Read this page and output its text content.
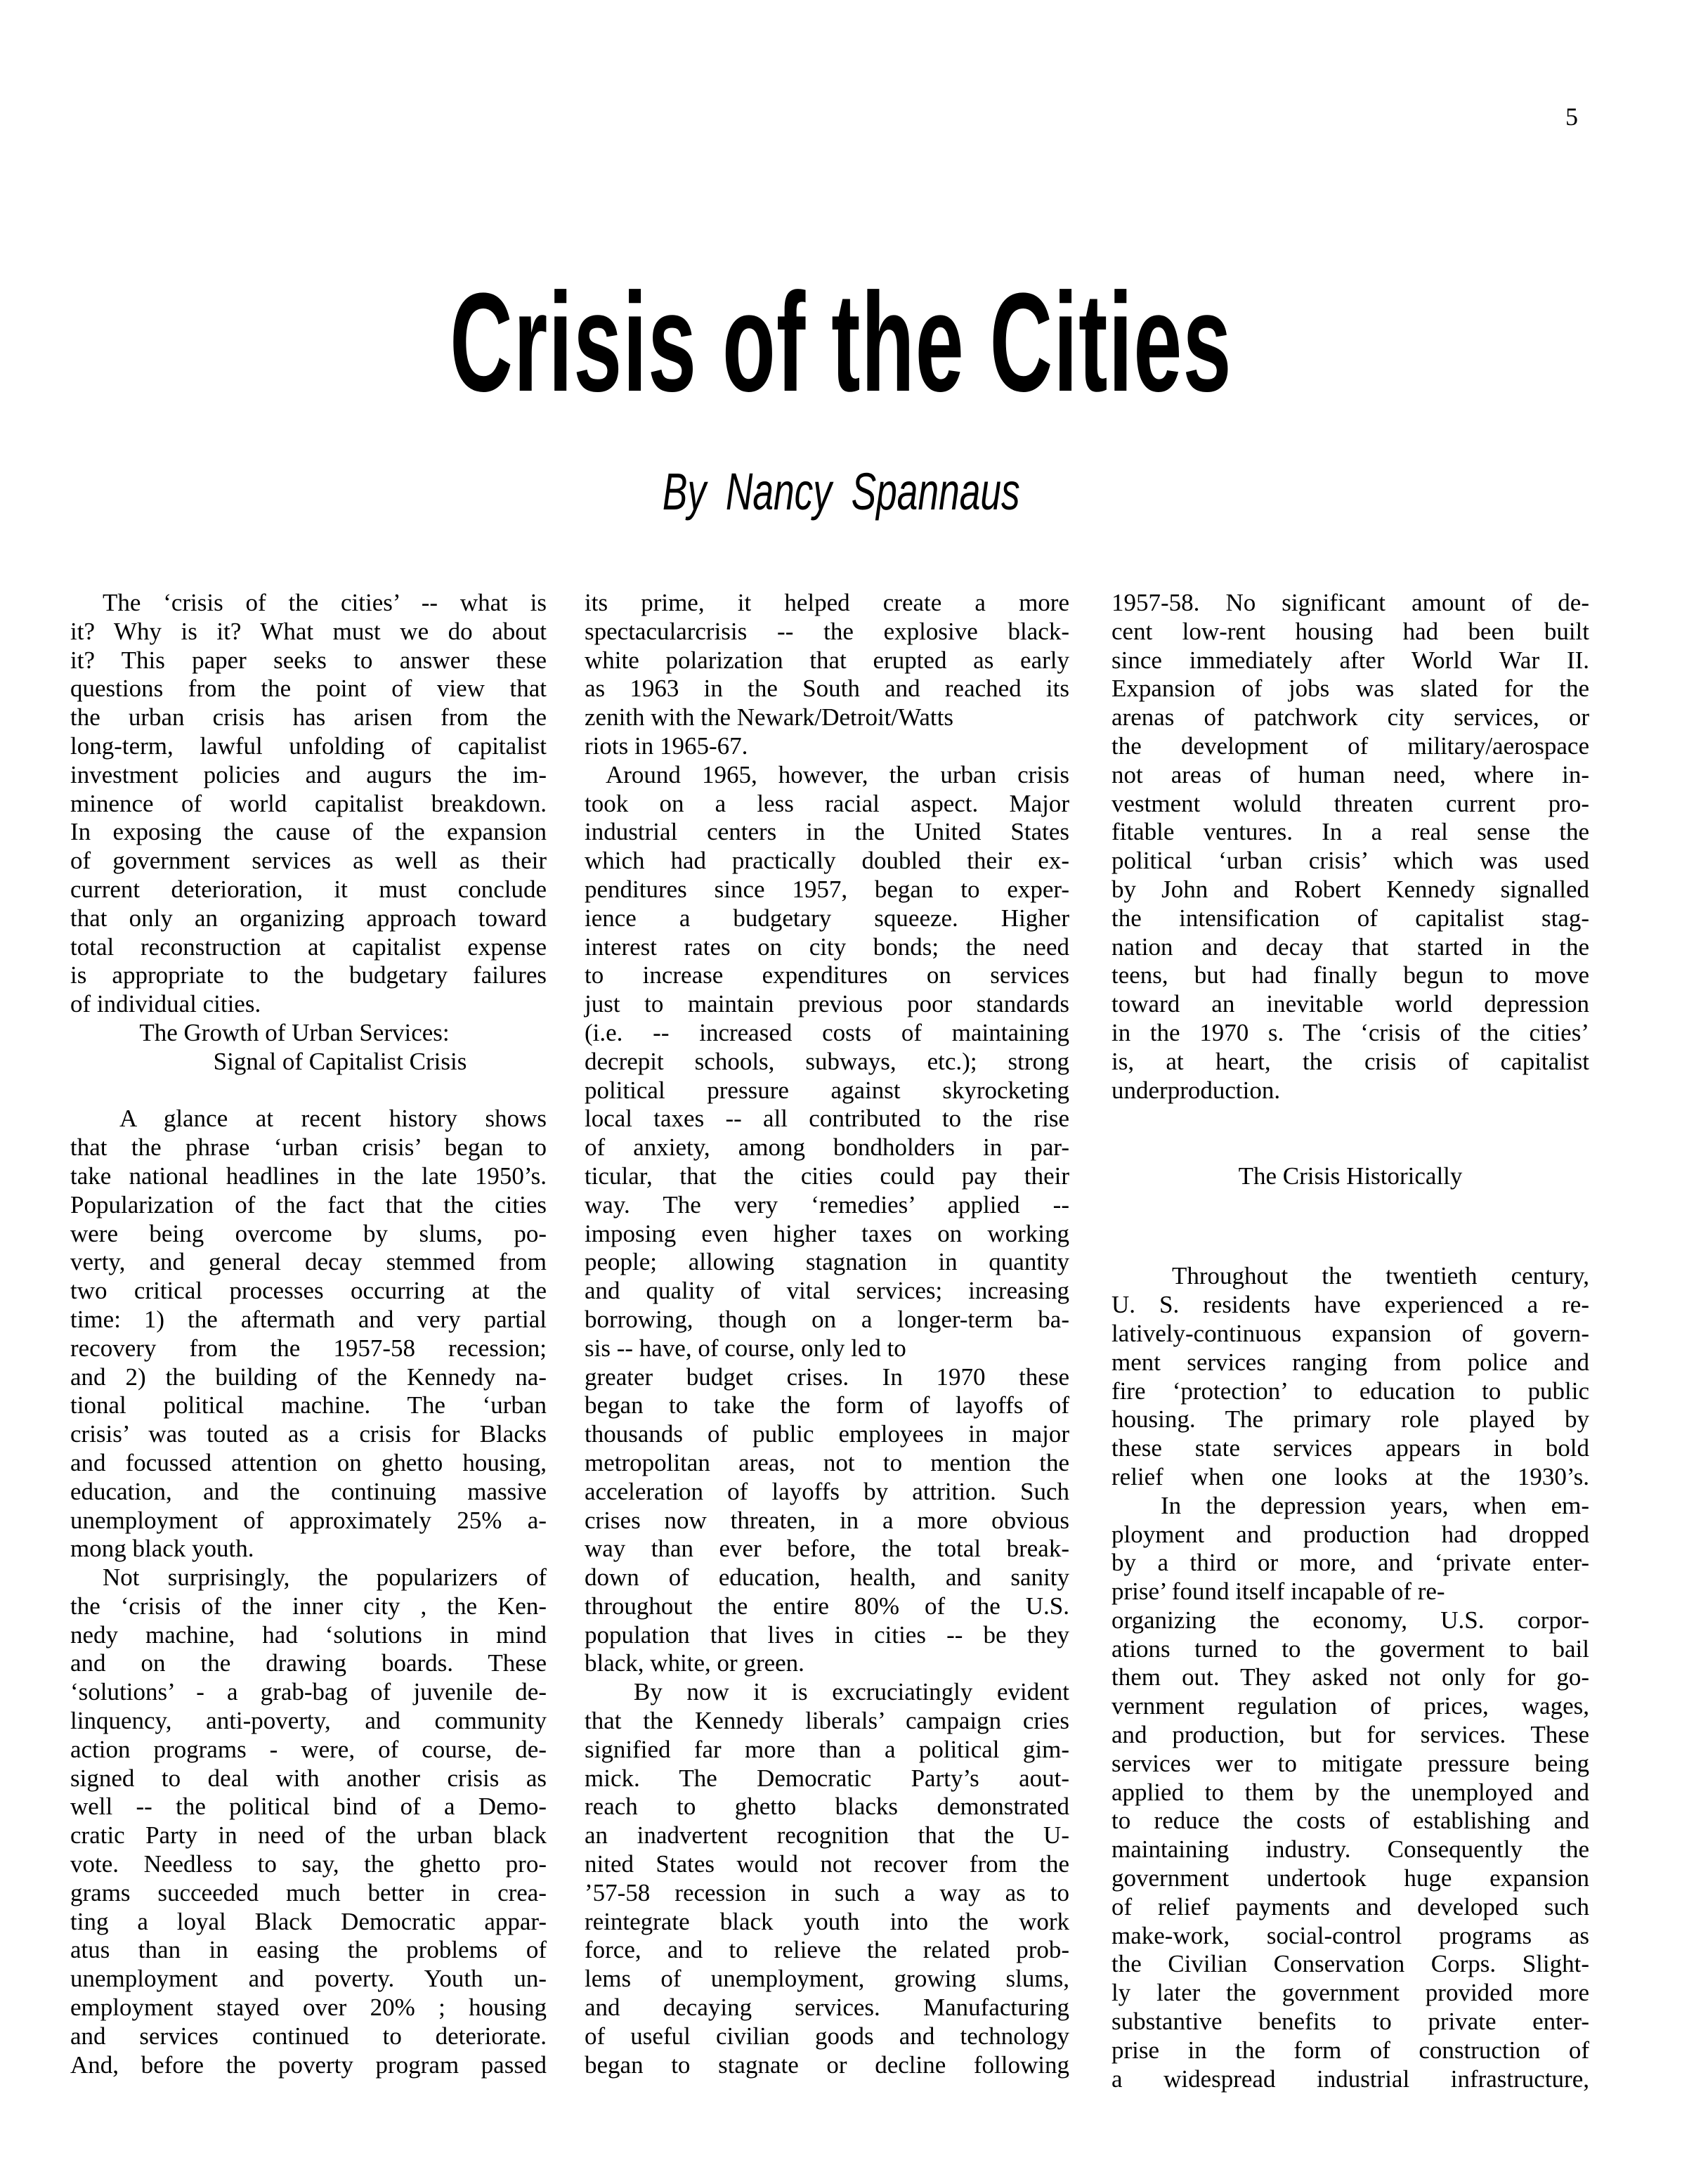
5
Crisis of the Cities
By Nancy Spannaus
The ‘crisis of the cities’ -- what is
it? Why is it? What must we do about
it? This paper seeks to answer these
questions from the point of view that
the urban crisis has arisen from the
long-term, lawful unfolding of capitalist
investment policies and augurs the im-
minence of world capitalist breakdown.
In exposing the cause of the expansion
of government services as well as their
current deterioration, it must conclude
that only an organizing approach toward
total reconstruction at capitalist expense
is appropriate to the budgetary failures
of individual cities.
The Growth of Urban Services:
Signal of Capitalist Crisis
A glance at recent history shows
that the phrase ‘urban crisis’ began to
take national headlines in the late 1950’s.
Popularization of the fact that the cities
were being overcome by slums, po-
verty, and general decay stemmed from
two critical processes occurring at the
time: 1) the aftermath and very partial
recovery from the 1957-58 recession;
and 2) the building of the Kennedy na-
tional political machine. The ‘urban
crisis’ was touted as a crisis for Blacks
and focussed attention on ghetto housing,
education, and the continuing massive
unemployment of approximately 25% a-
mong black youth.
Not surprisingly, the popularizers of
the ‘crisis of the inner city , the Ken-
nedy machine, had ‘solutions in mind
and on the drawing boards. These
‘solutions’ - a grab-bag of juvenile de-
linquency, anti-poverty, and community
action programs - were, of course, de-
signed to deal with another crisis as
well -- the political bind of a Demo-
cratic Party in need of the urban black
vote. Needless to say, the ghetto pro-
grams succeeded much better in crea-
ting a loyal Black Democratic appar-
atus than in easing the problems of
unemployment and poverty. Youth un-
employment stayed over 20% ; housing
and services continued to deteriorate.
And, before the poverty program passed
its prime, it helped create a more
spectacularcrisis -- the explosive black-
white polarization that erupted as early
as 1963 in the South and reached its
zenith with the Newark/Detroit/Watts
riots in 1965-67.
Around 1965, however, the urban crisis
took on a less racial aspect. Major
industrial centers in the United States
which had practically doubled their ex-
penditures since 1957, began to exper-
ience a budgetary squeeze. Higher
interest rates on city bonds; the need
to increase expenditures on services
just to maintain previous poor standards
(i.e. -- increased costs of maintaining
decrepit schools, subways, etc.); strong
political pressure against skyrocketing
local taxes -- all contributed to the rise
of anxiety, among bondholders in par-
ticular, that the cities could pay their
way. The very ‘remedies’ applied --
imposing even higher taxes on working
people; allowing stagnation in quantity
and quality of vital services; increasing
borrowing, though on a longer-term ba-
sis -- have, of course, only led to
greater budget crises. In 1970 these
began to take the form of layoffs of
thousands of public employees in major
metropolitan areas, not to mention the
acceleration of layoffs by attrition. Such
crises now threaten, in a more obvious
way than ever before, the total break-
down of education, health, and sanity
throughout the entire 80% of the U.S.
population that lives in cities -- be they
black, white, or green.
By now it is excruciatingly evident
that the Kennedy liberals’ campaign cries
signified far more than a political gim-
mick. The Democratic Party’s aout-
reach to ghetto blacks demonstrated
an inadvertent recognition that the U-
nited States would not recover from the
’57-58 recession in such a way as to
reintegrate black youth into the work
force, and to relieve the related prob-
lems of unemployment, growing slums,
and decaying services. Manufacturing
of useful civilian goods and technology
began to stagnate or decline following
1957-58. No significant amount of de-
cent low-rent housing had been built
since immediately after World War II.
Expansion of jobs was slated for the
arenas of patchwork city services, or
the development of military/aerospace
not areas of human need, where in-
vestment woluld threaten current pro-
fitable ventures. In a real sense the
political ‘urban crisis’ which was used
by John and Robert Kennedy signalled
the intensification of capitalist stag-
nation and decay that started in the
teens, but had finally begun to move
toward an inevitable world depression
in the 1970 s. The ‘crisis of the cities’
is, at heart, the crisis of capitalist
underproduction.
The Crisis Historically
Throughout the twentieth century,
U. S. residents have experienced a re-
latively-continuous expansion of govern-
ment services ranging from police and
fire ‘protection’ to education to public
housing. The primary role played by
these state services appears in bold
relief when one looks at the 1930’s.
In the depression years, when em-
ployment and production had dropped
by a third or more, and ‘private enter-
prise’ found itself incapable of re-
organizing the economy, U.S. corpor-
ations turned to the goverment to bail
them out. They asked not only for go-
vernment regulation of prices, wages,
and production, but for services. These
services wer to mitigate pressure being
applied to them by the unemployed and
to reduce the costs of establishing and
maintaining industry. Consequently the
government undertook huge expansion
of relief payments and developed such
make-work, social-control programs as
the Civilian Conservation Corps. Slight-
ly later the government provided more
substantive benefits to private enter-
prise in the form of construction of
a widespread industrial infrastructure,
